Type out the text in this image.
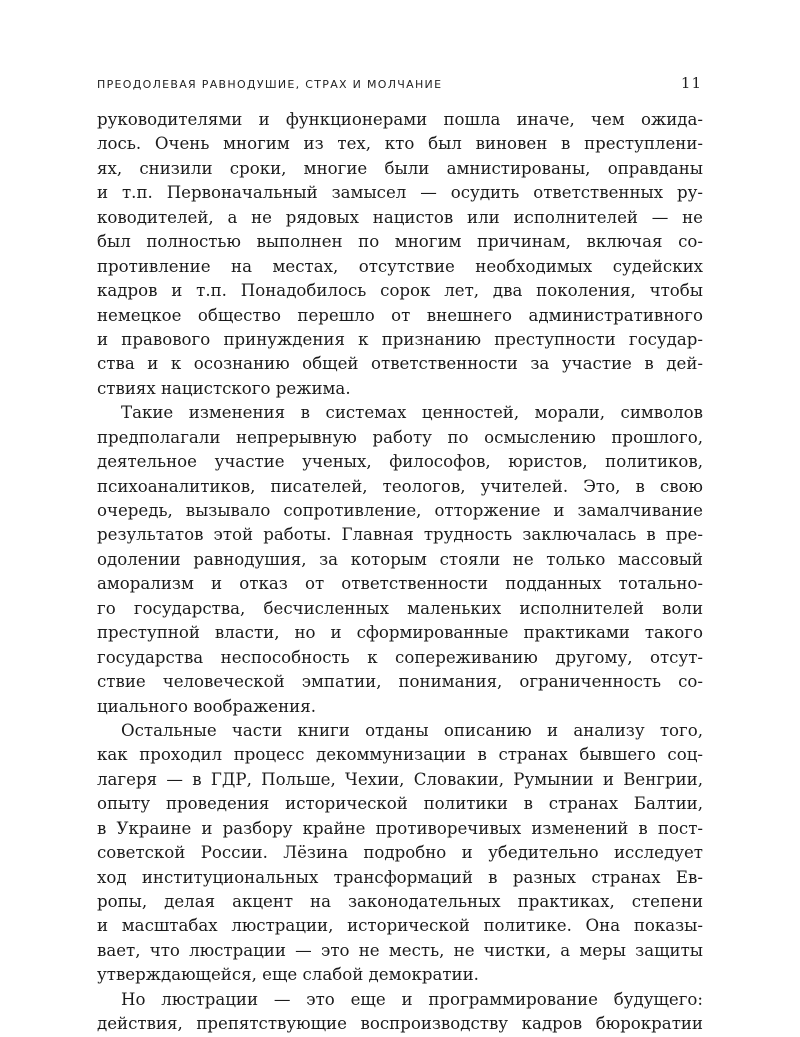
ПРЕОДОЛЕВАЯ РАВНОДУШИЕ, СТРАХ И МОЛЧАНИЕ	11
руководителями и функционерами пошла иначе, чем ожида-
лось. Очень многим из тех, кто был виновен в преступлени-
ях, снизили сроки, многие были амнистированы, оправданы
и т.п. Первоначальный замысел — осудить ответственных ру-
ководителей, а не рядовых нацистов или исполнителей — не
был полностью выполнен по многим причинам, включая со-
противление на местах, отсутствие необходимых судейских
кадров и т.п. Понадобилось сорок лет, два поколения, чтобы
немецкое общество перешло от внешнего административного
и правового принуждения к признанию преступности государ-
ства и к осознанию общей ответственности за участие в дей-
ствиях нацистского режима.
Такие изменения в системах ценностей, морали, символов
предполагали непрерывную работу по осмыслению прошлого,
деятельное участие ученых, философов, юристов, политиков,
психоаналитиков, писателей, теологов, учителей. Это, в свою
очередь, вызывало сопротивление, отторжение и замалчивание
результатов этой работы. Главная трудность заключалась в пре-
одолении равнодушия, за которым стояли не только массовый
аморализм и отказ от ответственности подданных тотально-
го государства, бесчисленных маленьких исполнителей воли
преступной власти, но и сформированные практиками такого
государства неспособность к сопереживанию другому, отсут-
ствие человеческой эмпатии, понимания, ограниченность со-
циального воображения.
Остальные части книги отданы описанию и анализу того,
как проходил процесс декоммунизации в странах бывшего соц-
лагеря — в ГДР, Польше, Чехии, Словакии, Румынии и Венгрии,
опыту проведения исторической политики в странах Балтии,
в Украине и разбору крайне противоречивых изменений в пост-
советской России. Лёзина подробно и убедительно исследует
ход институциональных трансформаций в разных странах Ев-
ропы, делая акцент на законодательных практиках, степени
и масштабах люстрации, исторической политике. Она показы-
вает, что люстрации — это не месть, не чистки, а меры защиты
утверждающейся, еще слабой демократии.
Но люстрации — это еще и программирование будущего:
действия, препятствующие воспроизводству кадров бюрократии
